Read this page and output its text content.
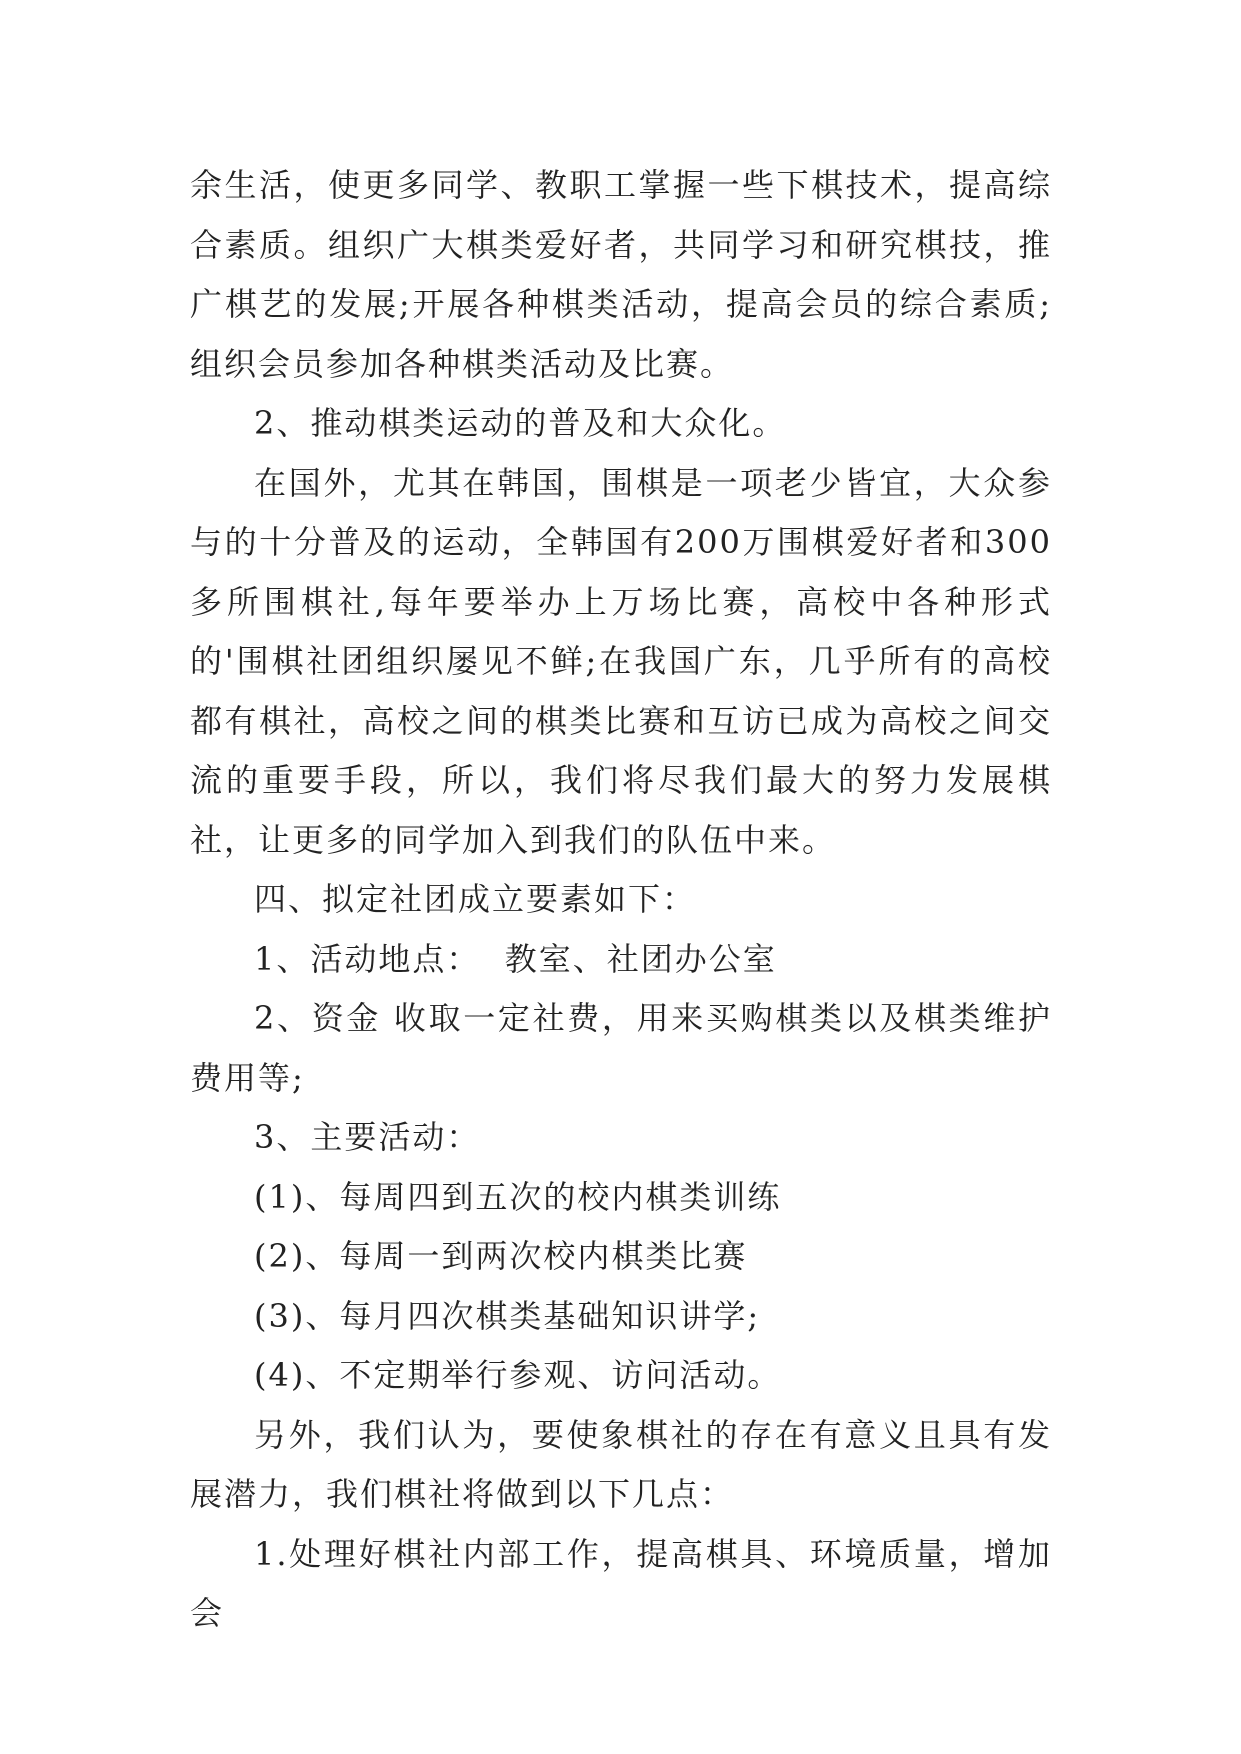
余生活，使更多同学、教职工掌握一些下棋技术，提高综合素质。组织广大棋类爱好者，共同学习和研究棋技，推广棋艺的发展;开展各种棋类活动，提高会员的综合素质;组织会员参加各种棋类活动及比赛。

2、推动棋类运动的普及和大众化。

在国外，尤其在韩国，围棋是一项老少皆宜，大众参与的十分普及的运动，全韩国有200万围棋爱好者和300多所围棋社,每年要举办上万场比赛，高校中各种形式的'围棋社团组织屡见不鲜;在我国广东，几乎所有的高校都有棋社，高校之间的棋类比赛和互访已成为高校之间交流的重要手段，所以，我们将尽我们最大的努力发展棋社，让更多的同学加入到我们的队伍中来。

四、拟定社团成立要素如下：

1、活动地点：  教室、社团办公室

2、资金 收取一定社费，用来买购棋类以及棋类维护费用等;

3、主要活动：

(1)、每周四到五次的校内棋类训练

(2)、每周一到两次校内棋类比赛

(3)、每月四次棋类基础知识讲学;

(4)、不定期举行参观、访问活动。

另外，我们认为，要使象棋社的存在有意义且具有发展潜力，我们棋社将做到以下几点：

1.处理好棋社内部工作，提高棋具、环境质量，增加会
